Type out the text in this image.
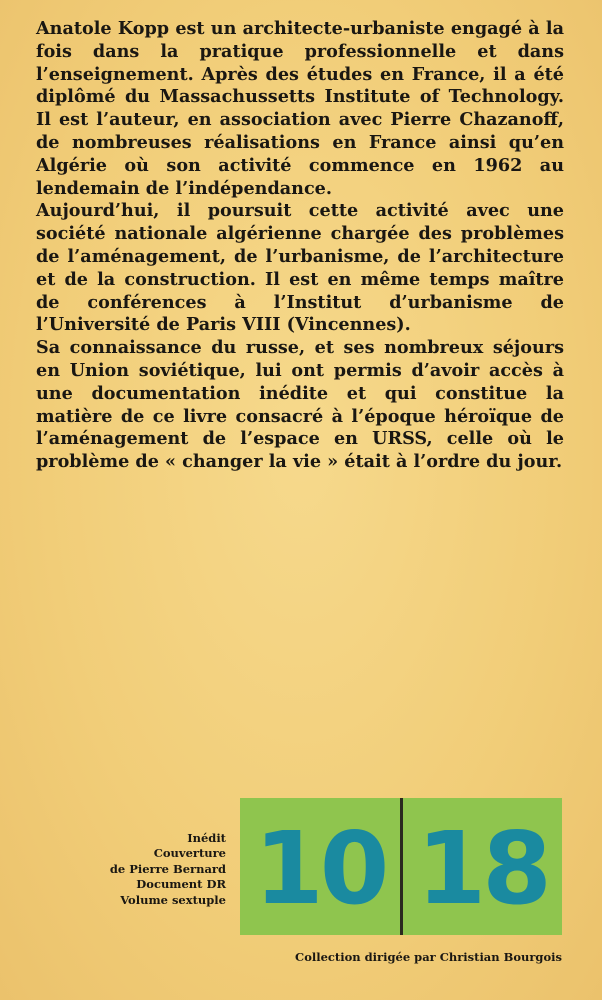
Anatole Kopp est un architecte-urbaniste engagé à la fois dans la pratique professionnelle et dans l’enseignement. Après des études en France, il a été diplômé du Massachussetts Institute of Technology. Il est l’auteur, en association avec Pierre Chazanoff, de nombreuses réalisations en France ainsi qu’en Algérie où son activité commence en 1962 au lendemain de l’indépendance.

Aujourd’hui, il poursuit cette activité avec une société nationale algérienne chargée des problèmes de l’aménagement, de l’urbanisme, de l’architecture et de la construction. Il est en même temps maître de conférences à l’Institut d’urbanisme de l’Université de Paris VIII (Vincennes).

Sa connaissance du russe, et ses nombreux séjours en Union soviétique, lui ont permis d’avoir accès à une documentation inédite et qui constitue la matière de ce livre consacré à l’époque héroïque de l’aménagement de l’espace en URSS, celle où le problème de « changer la vie » était à l’ordre du jour.

Inédit
Couverture
de Pierre Bernard
Document DR
Volume sextuple 10 18
Collection dirigée par Christian Bourgois
